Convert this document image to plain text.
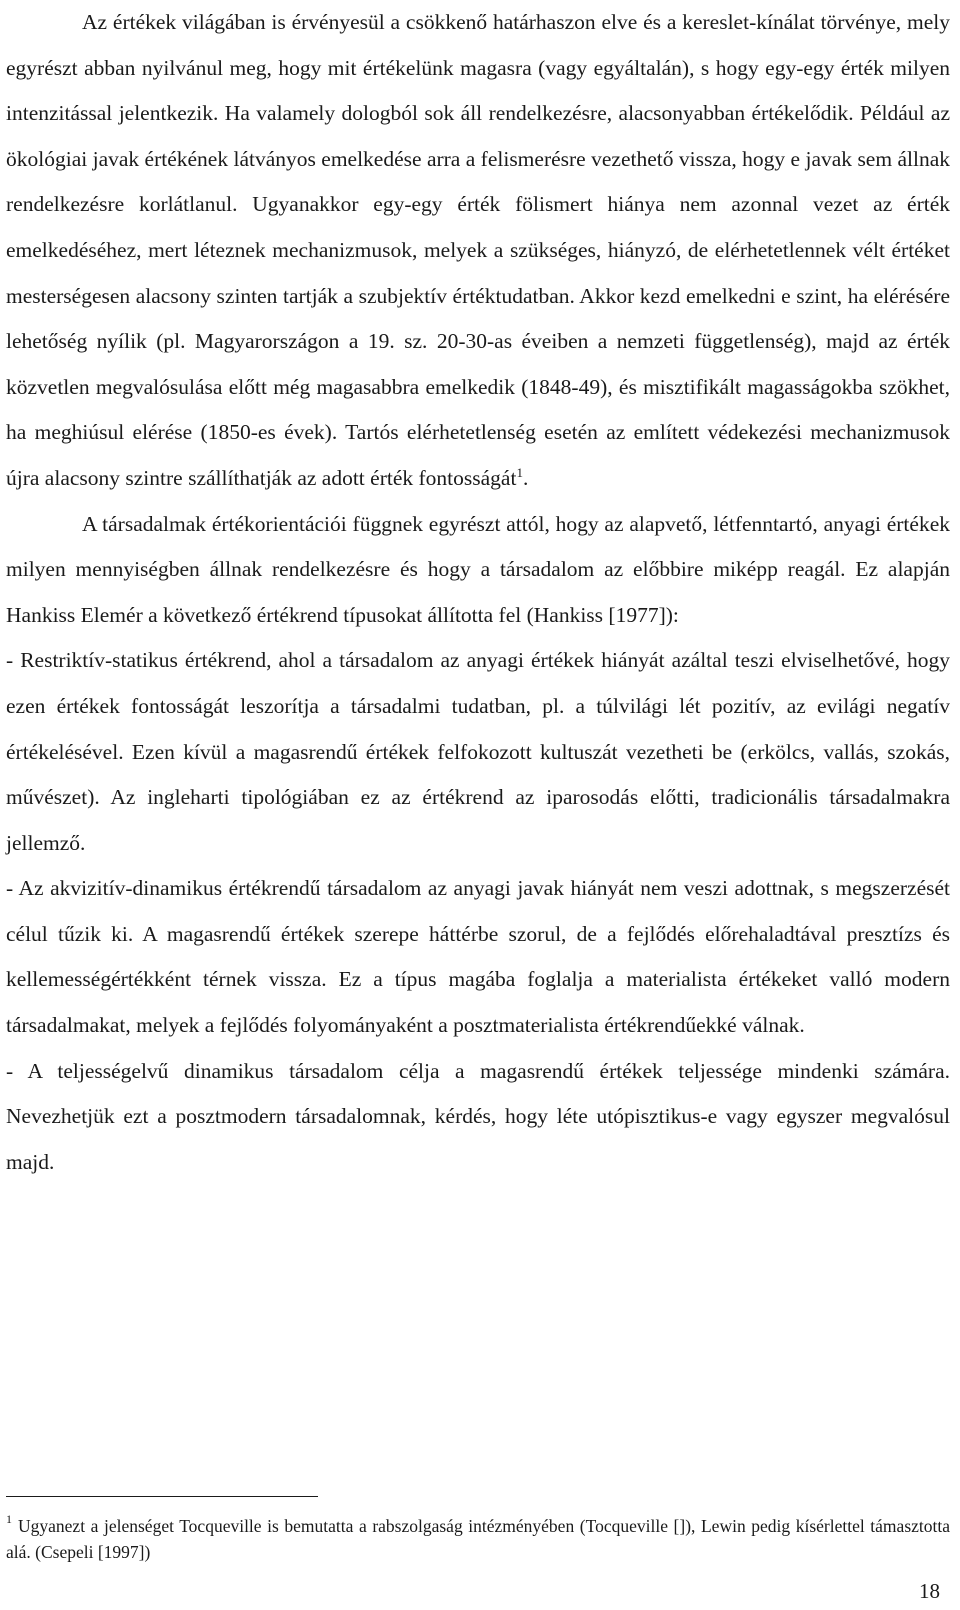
Az értékek világában is érvényesül a csökkenő határhaszon elve és a kereslet-kínálat törvénye, mely egyrészt abban nyilvánul meg, hogy mit értékelünk magasra (vagy egyáltalán), s hogy egy-egy érték milyen intenzitással jelentkezik. Ha valamely dologból sok áll rendelkezésre, alacsonyabban értékelődik. Például az ökológiai javak értékének látványos emelkedése arra a felismerésre vezethető vissza, hogy e javak sem állnak rendelkezésre korlátlanul. Ugyanakkor egy-egy érték fölismert hiánya nem azonnal vezet az érték emelkedéséhez, mert léteznek mechanizmusok, melyek a szükséges, hiányzó, de elérhetetlennek vélt értéket mesterségesen alacsony szinten tartják a szubjektív értéktudatban. Akkor kezd emelkedni e szint, ha elérésére lehetőség nyílik (pl. Magyarországon a 19. sz. 20-30-as éveiben a nemzeti függetlenség), majd az érték közvetlen megvalósulása előtt még magasabbra emelkedik (1848-49), és misztifikált magasságokba szökhet, ha meghiúsul elérése (1850-es évek). Tartós elérhetetlenség esetén az említett védekezési mechanizmusok újra alacsony szintre szállíthatják az adott érték fontosságát$^1$.

A társadalmak értékorientációi függnek egyrészt attól, hogy az alapvető, létfenntartó, anyagi értékek milyen mennyiségben állnak rendelkezésre és hogy a társadalom az előbbire miképp reagál. Ez alapján Hankiss Elemér a következő értékrend típusokat állította fel (Hankiss [1977]):

- Restriktív-statikus értékrend, ahol a társadalom az anyagi értékek hiányát azáltal teszi elviselhetővé, hogy ezen értékek fontosságát leszorítja a társadalmi tudatban, pl. a túlvilági lét pozitív, az evilági negatív értékelésével. Ezen kívül a magasrendű értékek felfokozott kultuszát vezetheti be (erkölcs, vallás, szokás, művészet). Az ingleharti tipológiában ez az értékrend az iparosodás előtti, tradicionális társadalmakra jellemző.

- Az akvizitív-dinamikus értékrendű társadalom az anyagi javak hiányát nem veszi adottnak, s megszerzését célul tűzik ki. A magasrendű értékek szerepe háttérbe szorul, de a fejlődés előrehaladtával presztízs és kellemességértékként térnek vissza. Ez a típus magába foglalja a materialista értékeket valló modern társadalmakat, melyek a fejlődés folyományaként a posztmaterialista értékrendűekké válnak.

- A teljességelvű dinamikus társadalom célja a magasrendű értékek teljessége mindenki számára. Nevezhetjük ezt a posztmodern társadalomnak, kérdés, hogy léte utópisztikus-e vagy egyszer megvalósul majd.

$^1$ Ugyanezt a jelenséget Tocqueville is bemutatta a rabszolgaság intézményében (Tocqueville []), Lewin pedig kísérlettel támasztotta alá. (Csepeli [1997])

18
